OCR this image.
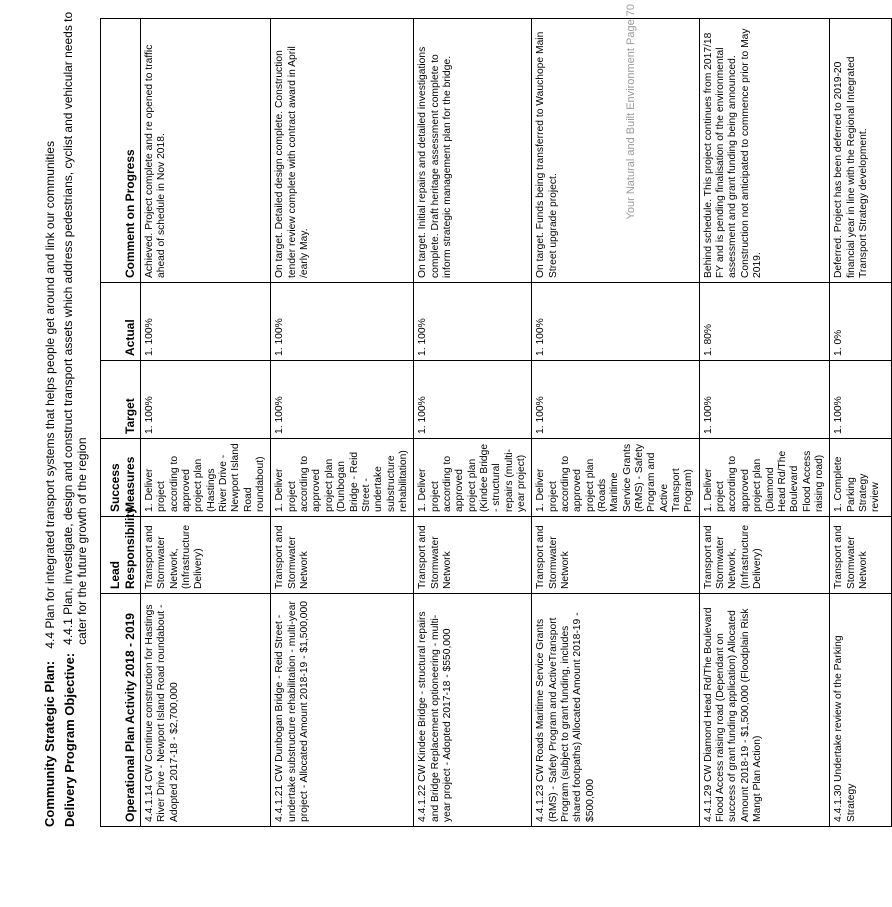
Community Strategic Plan: 4.4 Plan for integrated transport systems that helps people get around and link our communities
Delivery Program Objective:
4.4.1 Plan, investigate, design and construct transport assets which address pedestrians, cyclist and vehicular needs to cater for the future growth of the region
Operational Plan Activity 2018 - 2019	Lead Responsibility	Success Measures	Target	Actual	Comment on Progress
4.4.1.14 CW Continue construction for Hastings River Drive - Newport Island Road roundabout - Adopted 2017-18 - $2,700,000	Transport and Stormwater Network, (Infrastructure Delivery)	1. Deliver project according to approved project plan (Hastings River Drive - Newport Island Road roundabout)	1. 100%	1. 100%	Achieved. Project complete and re opened to traffic ahead of schedule in Nov 2018.
4.4.1.21 CW Dunbogan Bridge - Reid Street - undertake substructure rehabilitation - multi-year project - Allocated Amount 2018-19 - $1,500,000	Transport and Stormwater Network	1. Deliver project according to approved project plan (Dunbogan Bridge - Reid Street - undertake substructure rehabilitation)	1. 100%	1. 100%	On target. Detailed design complete. Construction tender review complete with contract award in April /early May.
4.4.1.22 CW Kindee Bridge - structural repairs and Bridge Replacement optioneering - multi-year project - Adopted 2017-18 - $550,000	Transport and Stormwater Network	1. Deliver project according to approved project plan (Kindee Bridge - structural repairs (multi-year project)	1. 100%	1. 100%	On target. Initial repairs and detailed investigations complete. Draft heritage assessment complete to inform strategic management plan for the bridge.
4.4.1.23 CW Roads Maritime Service Grants (RMS) - Safety Program and ActiveTransport Program (subject to grant funding, includes shared footpaths) Allocated Amount 2018-19 - $500,000	Transport and Stormwater Network	1. Deliver project according to approved project plan (Roads Maritime Service Grants (RMS) - Safety Program and Active Transport Program)	1. 100%	1. 100%	On target. Funds being transferred to Wauchope Main Street upgrade project.
4.4.1.29 CW Diamond Head Rd/The Boulevard Flood Access raising road (Dependant on success of grant funding application) Allocated Amount 2018-19 - $1,500,000 (Floodplain Risk Mangt Plan Action)	Transport and Stormwater Network, (Infrastructure Delivery)	1. Deliver project according to approved project plan (Diamond Head Rd/The Boulevard Flood Access raising road)	1. 100%	1. 80%	Behind schedule. This project continues from 2017/18 FY and is pending finalisation of the environmental assessment and grant funding being announced. Construction not anticipated to commence prior to May 2019.
4.4.1.30 Undertake review of the Parking Strategy	Transport and Stormwater Network	1. Complete Parking Strategy review	1. 100%	1. 0%	Deferred. Project has been deferred to 2019-20 financial year in line with the Regional Integrated Transport Strategy development.
Your Natural and Built Environment Page 70
